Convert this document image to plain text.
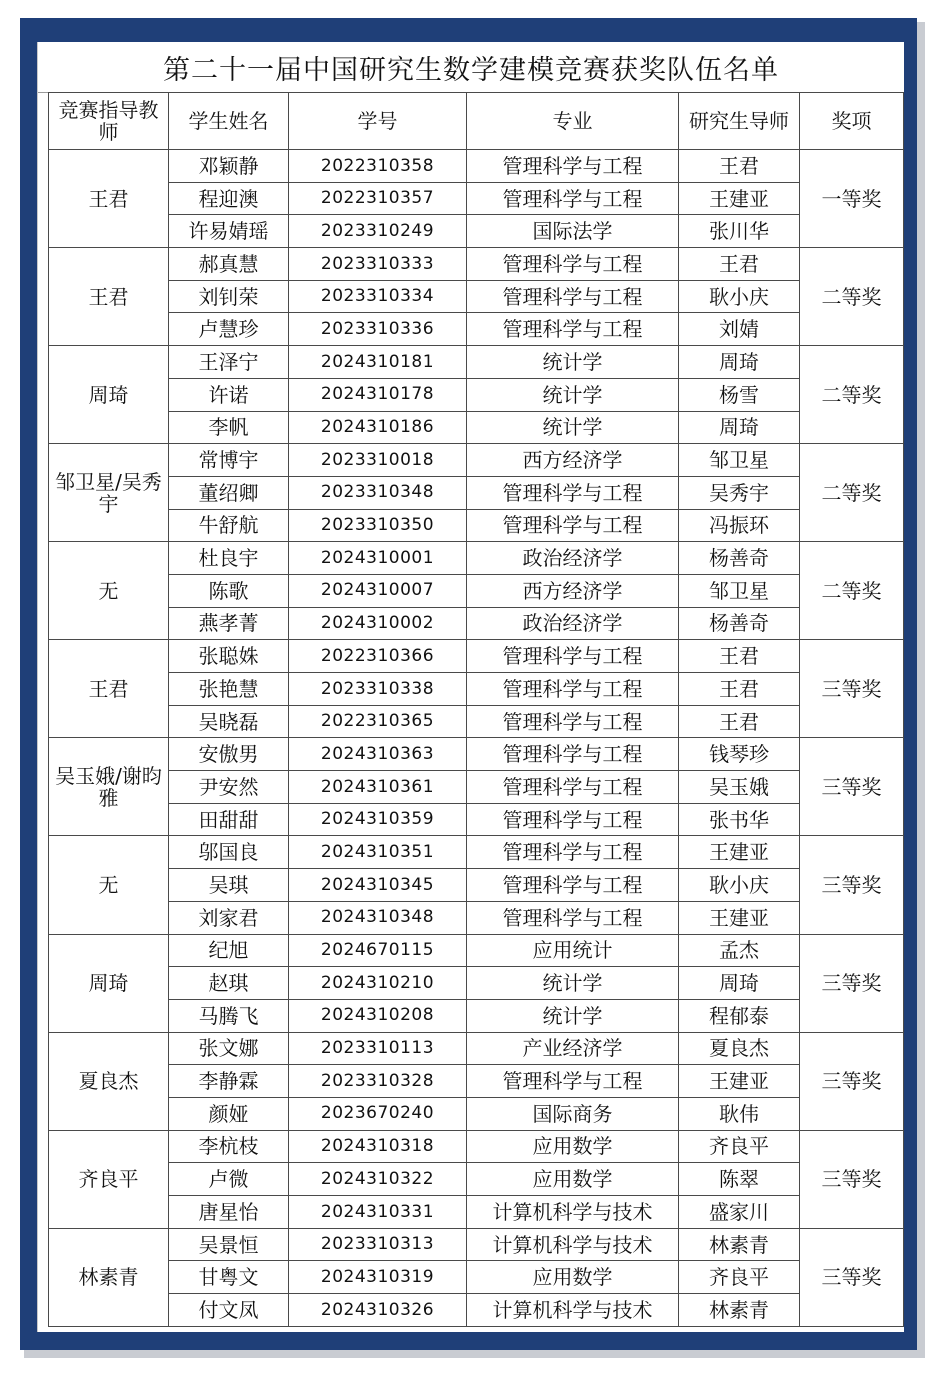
第二十一届中国研究生数学建模竞赛获奖队伍名单
竞赛指导教师	学生姓名	学号	专业	研究生导师	奖项
王君	邓颖静	2022310358	管理科学与工程	王君	一等奖
	程迎澳	2022310357	管理科学与工程	王建亚	
	许易婧瑶	2023310249	国际法学	张川华	
王君	郝真慧	2023310333	管理科学与工程	王君	二等奖
	刘钊荣	2023310334	管理科学与工程	耿小庆	
	卢慧珍	2023310336	管理科学与工程	刘婧	
周琦	王泽宁	2024310181	统计学	周琦	二等奖
	许诺	2024310178	统计学	杨雪	
	李帆	2024310186	统计学	周琦	
邹卫星/吴秀宇	常博宇	2023310018	西方经济学	邹卫星	二等奖
	董绍卿	2023310348	管理科学与工程	吴秀宇	
	牛舒航	2023310350	管理科学与工程	冯振环	
无	杜良宇	2024310001	政治经济学	杨善奇	二等奖
	陈歌	2024310007	西方经济学	邹卫星	
	燕孝菁	2024310002	政治经济学	杨善奇	
王君	张聪姝	2022310366	管理科学与工程	王君	三等奖
	张艳慧	2023310338	管理科学与工程	王君	
	吴晓磊	2022310365	管理科学与工程	王君	
吴玉娥/谢昀雅	安傲男	2024310363	管理科学与工程	钱琴珍	三等奖
	尹安然	2024310361	管理科学与工程	吴玉娥	
	田甜甜	2024310359	管理科学与工程	张书华	
无	邬国良	2024310351	管理科学与工程	王建亚	三等奖
	吴琪	2024310345	管理科学与工程	耿小庆	
	刘家君	2024310348	管理科学与工程	王建亚	
周琦	纪旭	2024670115	应用统计	孟杰	三等奖
	赵琪	2024310210	统计学	周琦	
	马腾飞	2024310208	统计学	程郁泰	
夏良杰	张文娜	2023310113	产业经济学	夏良杰	三等奖
	李静霖	2023310328	管理科学与工程	王建亚	
	颜娅	2023670240	国际商务	耿伟	
齐良平	李杭枝	2024310318	应用数学	齐良平	三等奖
	卢微	2024310322	应用数学	陈翠	
	唐星怡	2024310331	计算机科学与技术	盛家川	
林素青	吴景恒	2023310313	计算机科学与技术	林素青	三等奖
	甘粤文	2024310319	应用数学	齐良平	
	付文凤	2024310326	计算机科学与技术	林素青	
